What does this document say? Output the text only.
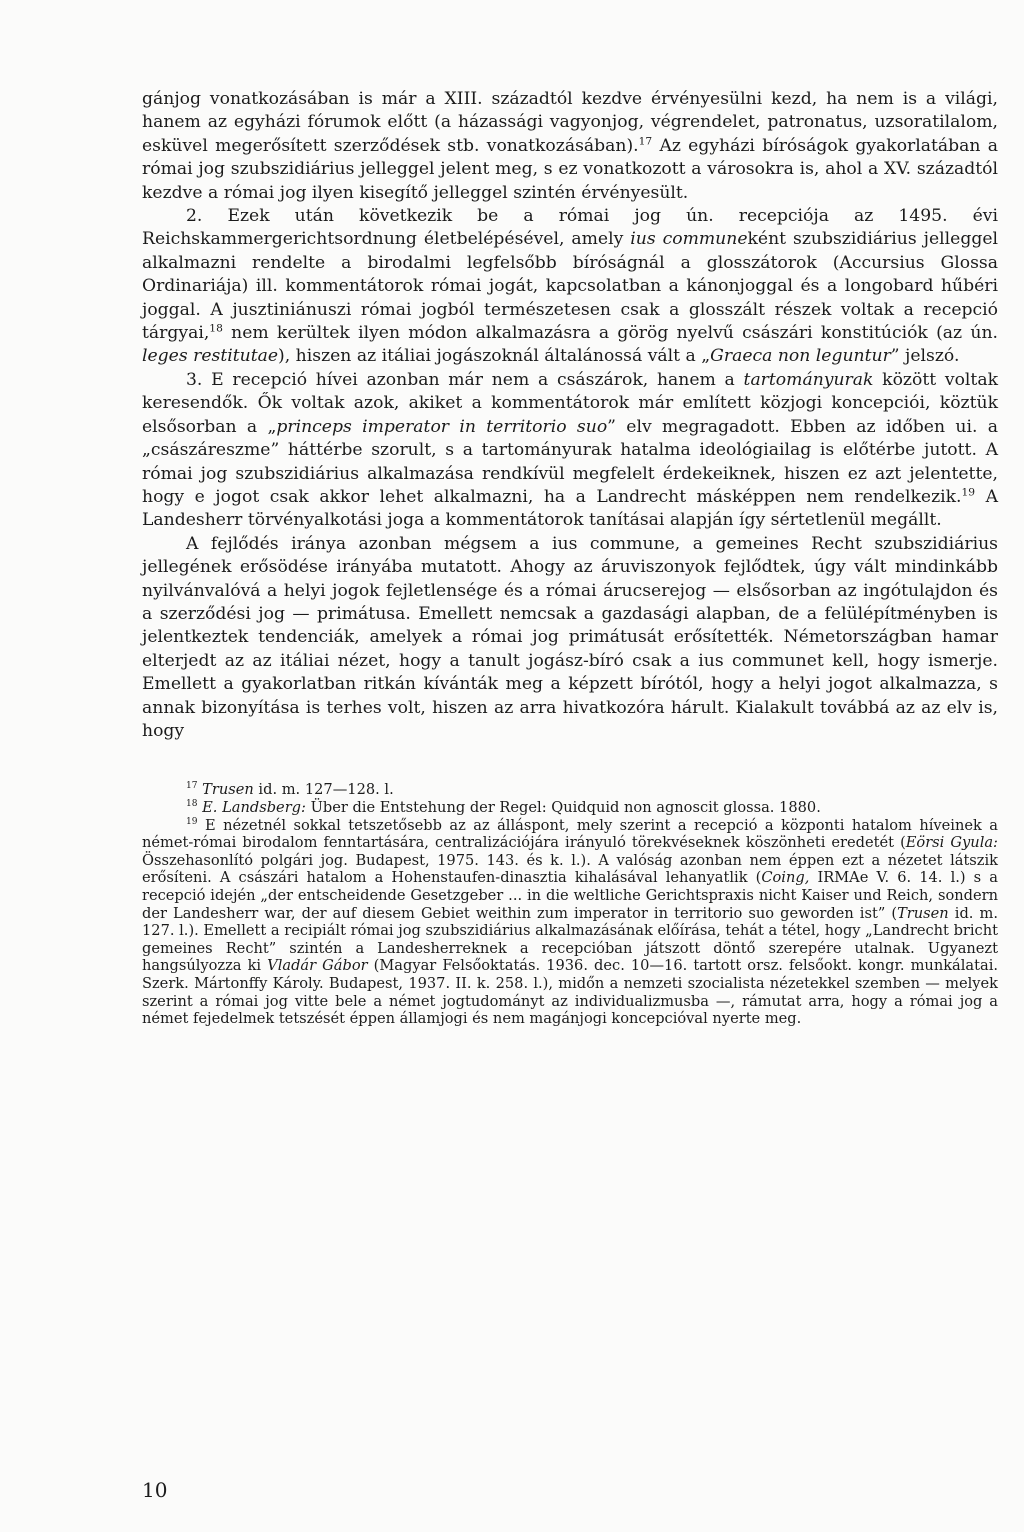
gánjog vonatkozásában is már a XIII. századtól kezdve érvényesülni kezd, ha nem is a világi, hanem az egyházi fórumok előtt (a házassági vagyonjog, végrendelet, patronatus, uzsoratilalom, esküvel megerősített szerződések stb. vonatkozásában).$^{17}$ Az egyházi bíróságok gyakorlatában a római jog szubszidiárius jelleggel jelent meg, s ez vonatkozott a városokra is, ahol a XV. századtól kezdve a római jog ilyen kisegítő jelleggel szintén érvényesült.

2. Ezek után következik be a római jog ún. recepciója az 1495. évi Reichskammergerichtsordnung életbelépésével, amely ius communeként szubszidiárius jelleggel alkalmazni rendelte a birodalmi legfelsőbb bíróságnál a glosszátorok (Accursius Glossa Ordinariája) ill. kommentátorok római jogát, kapcsolatban a kánonjoggal és a longobard hűbéri joggal. A jusztiniánuszi római jogból természetesen csak a glosszált részek voltak a recepció tárgyai,$^{18}$ nem kerültek ilyen módon alkalmazásra a görög nyelvű császári konstitúciók (az ún. leges restitutae), hiszen az itáliai jogászoknál általánossá vált a „Graeca non leguntur” jelszó.

3. E recepció hívei azonban már nem a császárok, hanem a tartományurak között voltak keresendők. Ők voltak azok, akiket a kommentátorok már említett közjogi koncepciói, köztük elsősorban a „princeps imperator in territorio suo” elv megragadott. Ebben az időben ui. a „császáreszme” háttérbe szorult, s a tartományurak hatalma ideológiailag is előtérbe jutott. A római jog szubszidiárius alkalmazása rendkívül megfelelt érdekeiknek, hiszen ez azt jelentette, hogy e jogot csak akkor lehet alkalmazni, ha a Landrecht másképpen nem rendelkezik.$^{19}$ A Landesherr törvényalkotási joga a kommentátorok tanításai alapján így sértetlenül megállt.

A fejlődés iránya azonban mégsem a ius commune, a gemeines Recht szubszidiárius jellegének erősödése irányába mutatott. Ahogy az áruviszonyok fejlődtek, úgy vált mindinkább nyilvánvalóvá a helyi jogok fejletlensége és a római árucserejog — elsősorban az ingótulajdon és a szerződési jog — primátusa. Emellett nemcsak a gazdasági alapban, de a felülépítményben is jelentkeztek tendenciák, amelyek a római jog primátusát erősítették. Németországban hamar elterjedt az az itáliai nézet, hogy a tanult jogász-bíró csak a ius communet kell, hogy ismerje. Emellett a gyakorlatban ritkán kívánták meg a képzett bírótól, hogy a helyi jogot alkalmazza, s annak bizonyítása is terhes volt, hiszen az arra hivatkozóra hárult. Kialakult továbbá az az elv is, hogy

$^{17}$ Trusen id. m. 127—128. l.

$^{18}$ E. Landsberg: Über die Entstehung der Regel: Quidquid non agnoscit glossa. 1880.

$^{19}$ E nézetnél sokkal tetszetősebb az az álláspont, mely szerint a recepció a központi hatalom híveinek a német-római birodalom fenntartására, centralizációjára irányuló törekvéseknek köszönheti eredetét (Eörsi Gyula: Összehasonlító polgári jog. Budapest, 1975. 143. és k. l.). A valóság azonban nem éppen ezt a nézetet látszik erősíteni. A császári hatalom a Hohenstaufen-dinasztia kihalásával lehanyatlik (Coing, IRMAe V. 6. 14. l.) s a recepció idején „der entscheidende Gesetzgeber ... in die weltliche Gerichtspraxis nicht Kaiser und Reich, sondern der Landesherr war, der auf diesem Gebiet weithin zum imperator in territorio suo geworden ist” (Trusen id. m. 127. l.). Emellett a recipiált római jog szubszidiárius alkalmazásának előírása, tehát a tétel, hogy „Landrecht bricht gemeines Recht” szintén a Landesherreknek a recepcióban játszott döntő szerepére utalnak. Ugyanezt hangsúlyozza ki Vladár Gábor (Magyar Felsőoktatás. 1936. dec. 10—16. tartott orsz. felsőokt. kongr. munkálatai. Szerk. Mártonffy Károly. Budapest, 1937. II. k. 258. l.), midőn a nemzeti szocialista nézetekkel szemben — melyek szerint a római jog vitte bele a német jogtudományt az individualizmusba —, rámutat arra, hogy a római jog a német fejedelmek tetszését éppen államjogi és nem magánjogi koncepcióval nyerte meg.

10
